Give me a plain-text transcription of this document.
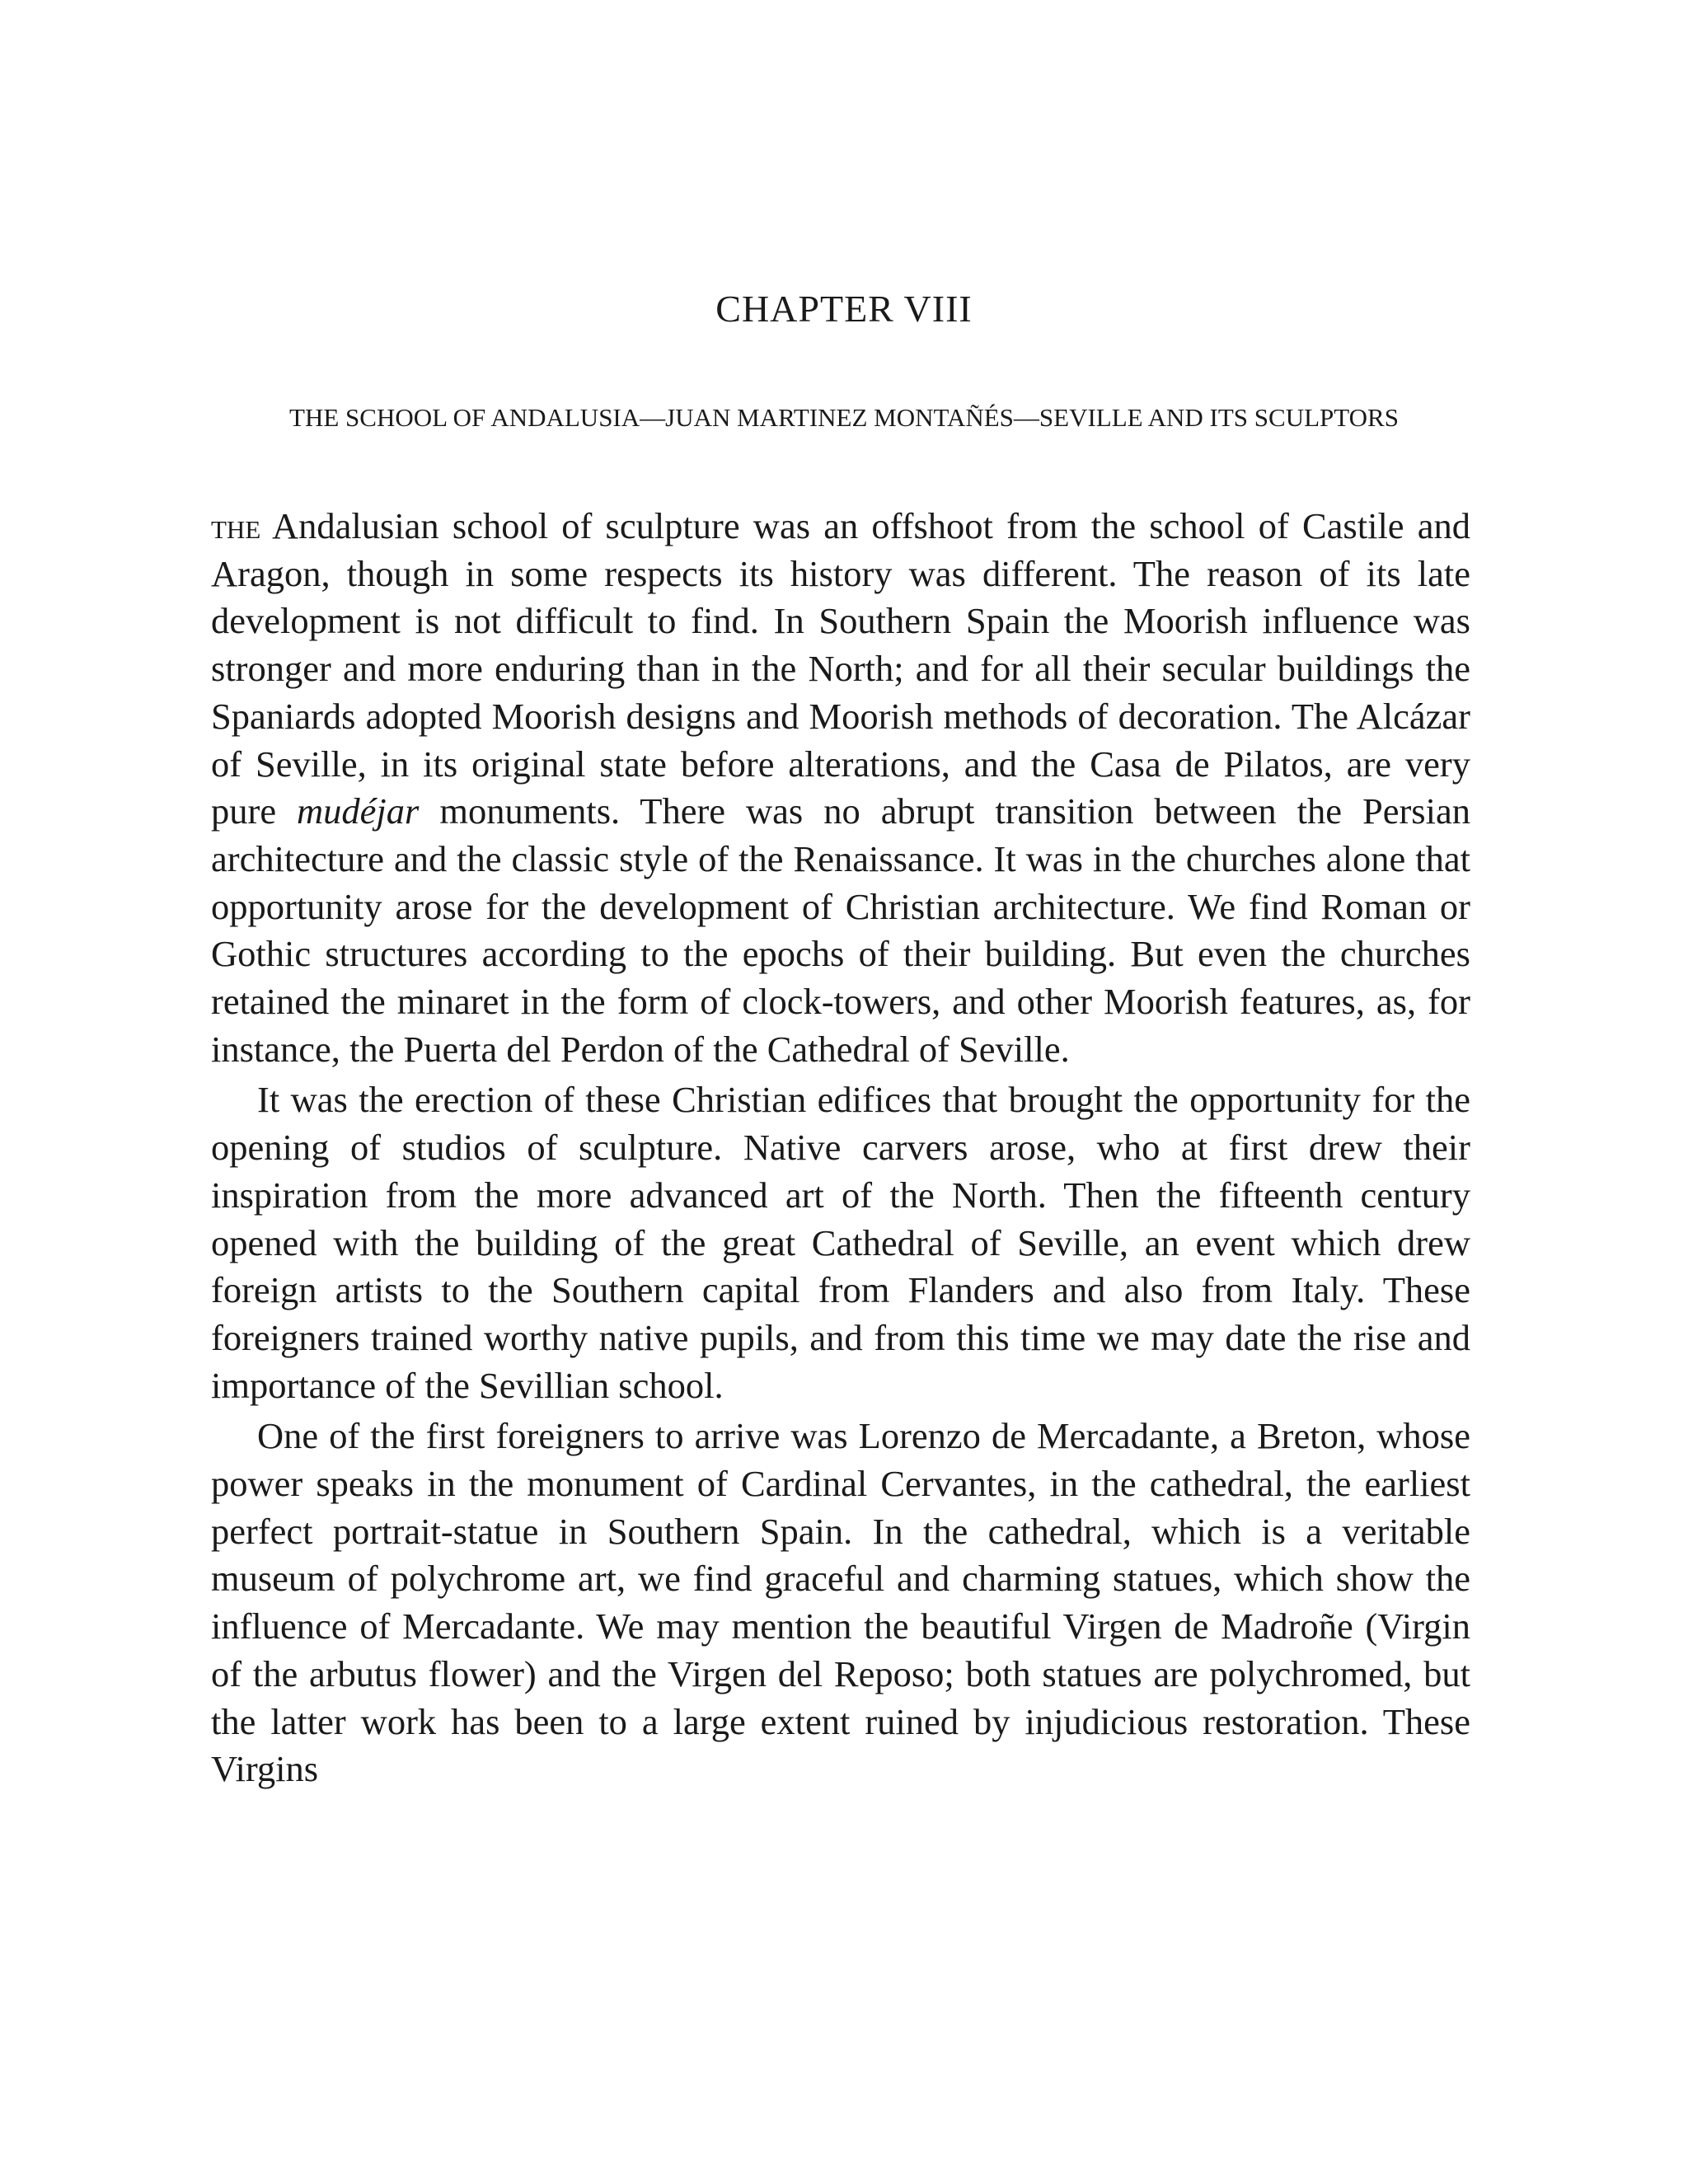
CHAPTER VIII
THE SCHOOL OF ANDALUSIA—JUAN MARTINEZ MONTAÑÉS—SEVILLE AND ITS SCULPTORS

the Andalusian school of sculpture was an offshoot from the school of Castile and Aragon, though in some respects its history was different. The reason of its late development is not difficult to find. In Southern Spain the Moorish influence was stronger and more enduring than in the North; and for all their secular buildings the Spaniards adopted Moorish designs and Moorish methods of decoration. The Alcázar of Seville, in its original state before alterations, and the Casa de Pilatos, are very pure mudéjar monuments. There was no abrupt transition between the Persian architecture and the classic style of the Renaissance. It was in the churches alone that opportunity arose for the development of Christian architecture. We find Roman or Gothic structures according to the epochs of their building. But even the churches retained the minaret in the form of clock-towers, and other Moorish features, as, for instance, the Puerta del Perdon of the Cathedral of Seville.

It was the erection of these Christian edifices that brought the opportunity for the opening of studios of sculpture. Native carvers arose, who at first drew their inspiration from the more advanced art of the North. Then the fifteenth century opened with the building of the great Cathedral of Seville, an event which drew foreign artists to the Southern capital from Flanders and also from Italy. These foreigners trained worthy native pupils, and from this time we may date the rise and importance of the Sevillian school.

One of the first foreigners to arrive was Lorenzo de Mercadante, a Breton, whose power speaks in the monument of Cardinal Cervantes, in the cathedral, the earliest perfect portrait-statue in Southern Spain. In the cathedral, which is a veritable museum of polychrome art, we find graceful and charming statues, which show the influence of Mercadante. We may mention the beautiful Virgen de Madroñe (Virgin of the arbutus flower) and the Virgen del Reposo; both statues are polychromed, but the latter work has been to a large extent ruined by injudicious restoration. These Virgins
